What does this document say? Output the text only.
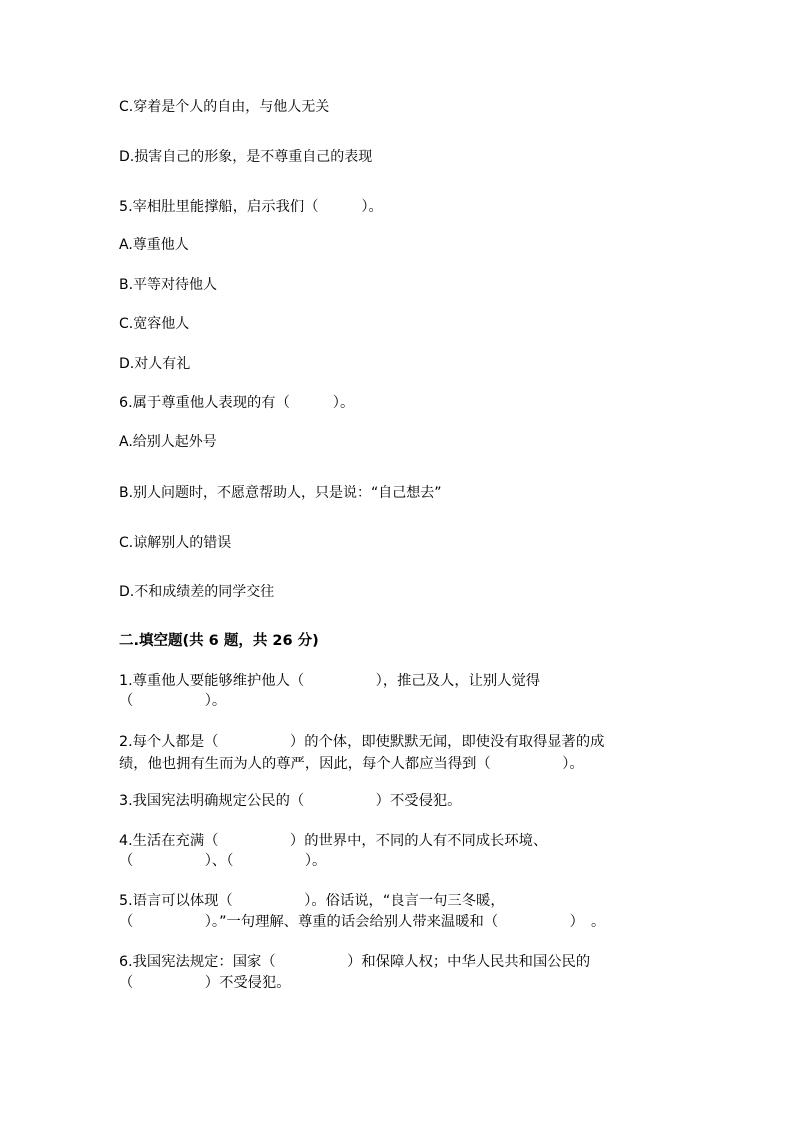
C.穿着是个人的自由，与他人无关

D.损害自己的形象，是不尊重自己的表现

5.宰相肚里能撑船，启示我们（　　　）。

A.尊重他人

B.平等对待他人

C.宽容他人

D.对人有礼

6.属于尊重他人表现的有（　　　）。

A.给别人起外号

B.别人问题时，不愿意帮助人，只是说：“自己想去”

C.谅解别人的错误

D.不和成绩差的同学交往

二.填空题(共 6 题，共 26 分)

1.尊重他人要能够维护他人（　　　　　），推己及人，让别人觉得

（　　　　　）。

2.每个人都是（　　　　　）的个体，即使默默无闻，即使没有取得显著的成

绩，他也拥有生而为人的尊严，因此，每个人都应当得到（　　　　　）。

3.我国宪法明确规定公民的（　　　　　）不受侵犯。

4.生活在充满（　　　　　）的世界中，不同的人有不同成长环境、

（　　　　　）、（　　　　　）。

5.语言可以体现（　　　　　）。俗话说，“良言一句三冬暖，

（　　　　　）。”一句理解、尊重的话会给别人带来温暖和（　　　　　）　。

6.我国宪法规定：国家（　　　　　）和保障人权；中华人民共和国公民的

（　　　　　）不受侵犯。
